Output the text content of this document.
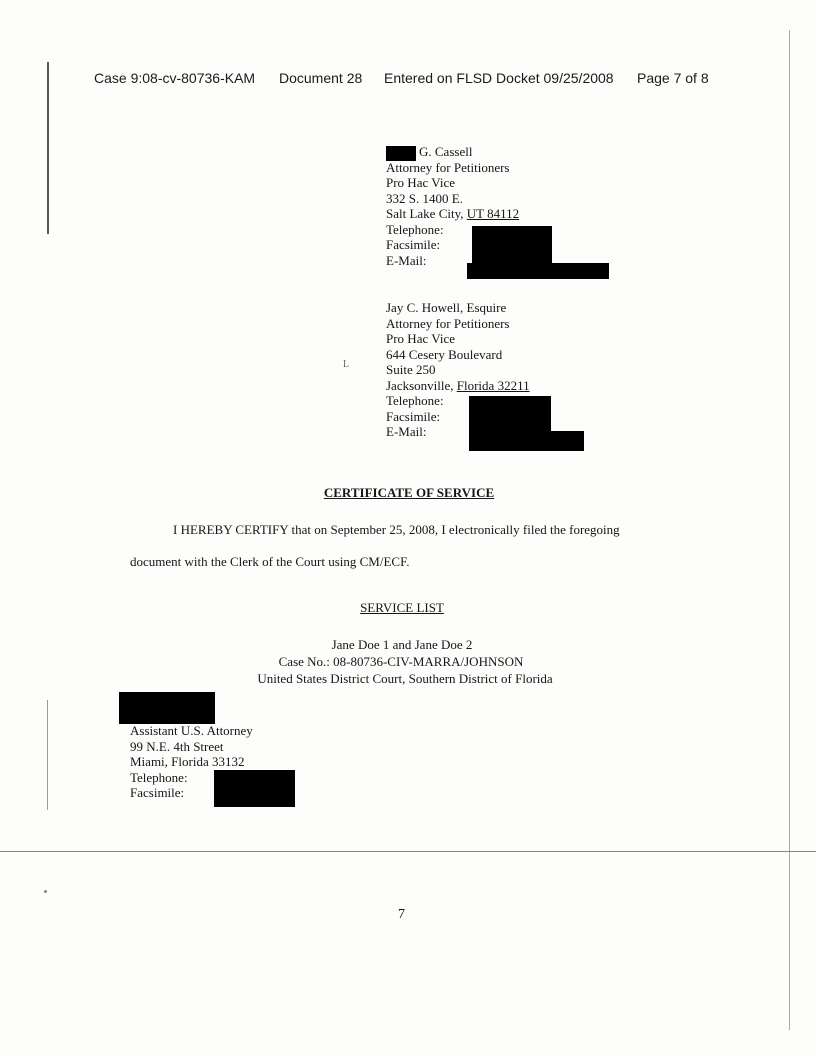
Case 9:08-cv-80736-KAM Document 28 Entered on FLSD Docket 09/25/2008 Page 7 of 8
G. Cassell
Attorney for Petitioners
Pro Hac Vice
332 S. 1400 E.
Salt Lake City, UT 84112
Telephone:
Facsimile:
E-Mail:
Jay C. Howell, Esquire
Attorney for Petitioners
Pro Hac Vice
644 Cesery Boulevard
Suite 250
Jacksonville, Florida 32211
Telephone:
Facsimile:
E-Mail:
L
CERTIFICATE OF SERVICE
I HEREBY CERTIFY that on September 25, 2008, I electronically filed the foregoing
document with the Clerk of the Court using CM/ECF.
SERVICE LIST
Jane Doe 1 and Jane Doe 2
Case No.: 08-80736-CIV-MARRA/JOHNSON
United States District Court, Southern District of Florida
Assistant U.S. Attorney
99 N.E. 4th Street
Miami, Florida 33132
Telephone:
Facsimile:
7
